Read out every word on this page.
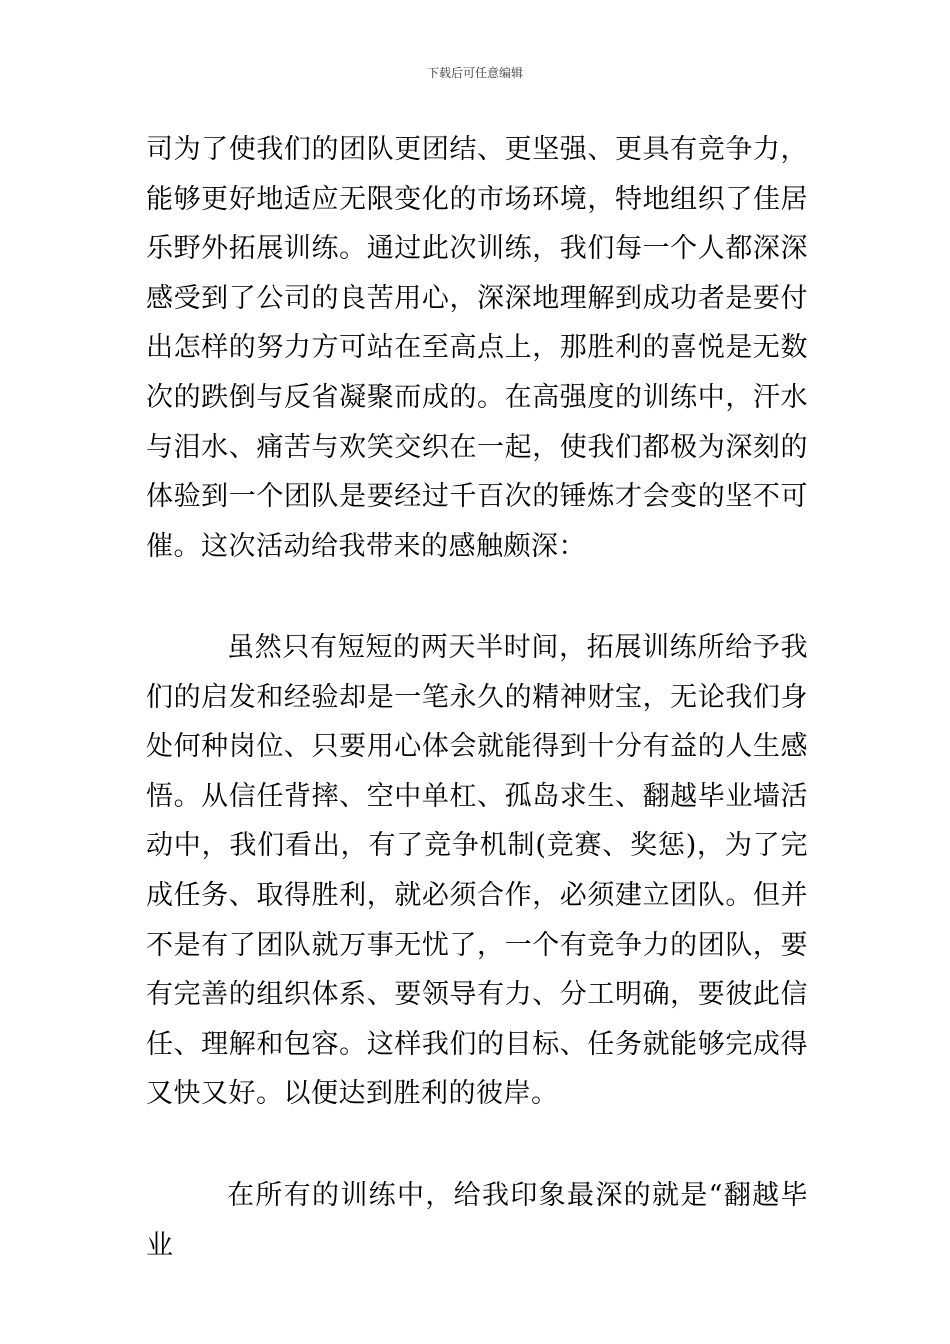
下载后可任意编辑
司为了使我们的团队更团结、更坚强、更具有竞争力，能够更好地适应无限变化的市场环境，特地组织了佳居乐野外拓展训练。通过此次训练，我们每一个人都深深感受到了公司的良苦用心，深深地理解到成功者是要付出怎样的努力方可站在至高点上，那胜利的喜悦是无数次的跌倒与反省凝聚而成的。在高强度的训练中，汗水与泪水、痛苦与欢笑交织在一起，使我们都极为深刻的体验到一个团队是要经过千百次的锤炼才会变的坚不可催。这次活动给我带来的感触颇深：
虽然只有短短的两天半时间，拓展训练所给予我们的启发和经验却是一笔永久的精神财宝，无论我们身处何种岗位、只要用心体会就能得到十分有益的人生感悟。从信任背摔、空中单杠、孤岛求生、翻越毕业墙活动中，我们看出，有了竞争机制(竞赛、奖惩)，为了完成任务、取得胜利，就必须合作，必须建立团队。但并不是有了团队就万事无忧了，一个有竞争力的团队，要有完善的组织体系、要领导有力、分工明确，要彼此信任、理解和包容。这样我们的目标、任务就能够完成得又快又好。以便达到胜利的彼岸。
在所有的训练中，给我印象最深的就是“翻越毕业
